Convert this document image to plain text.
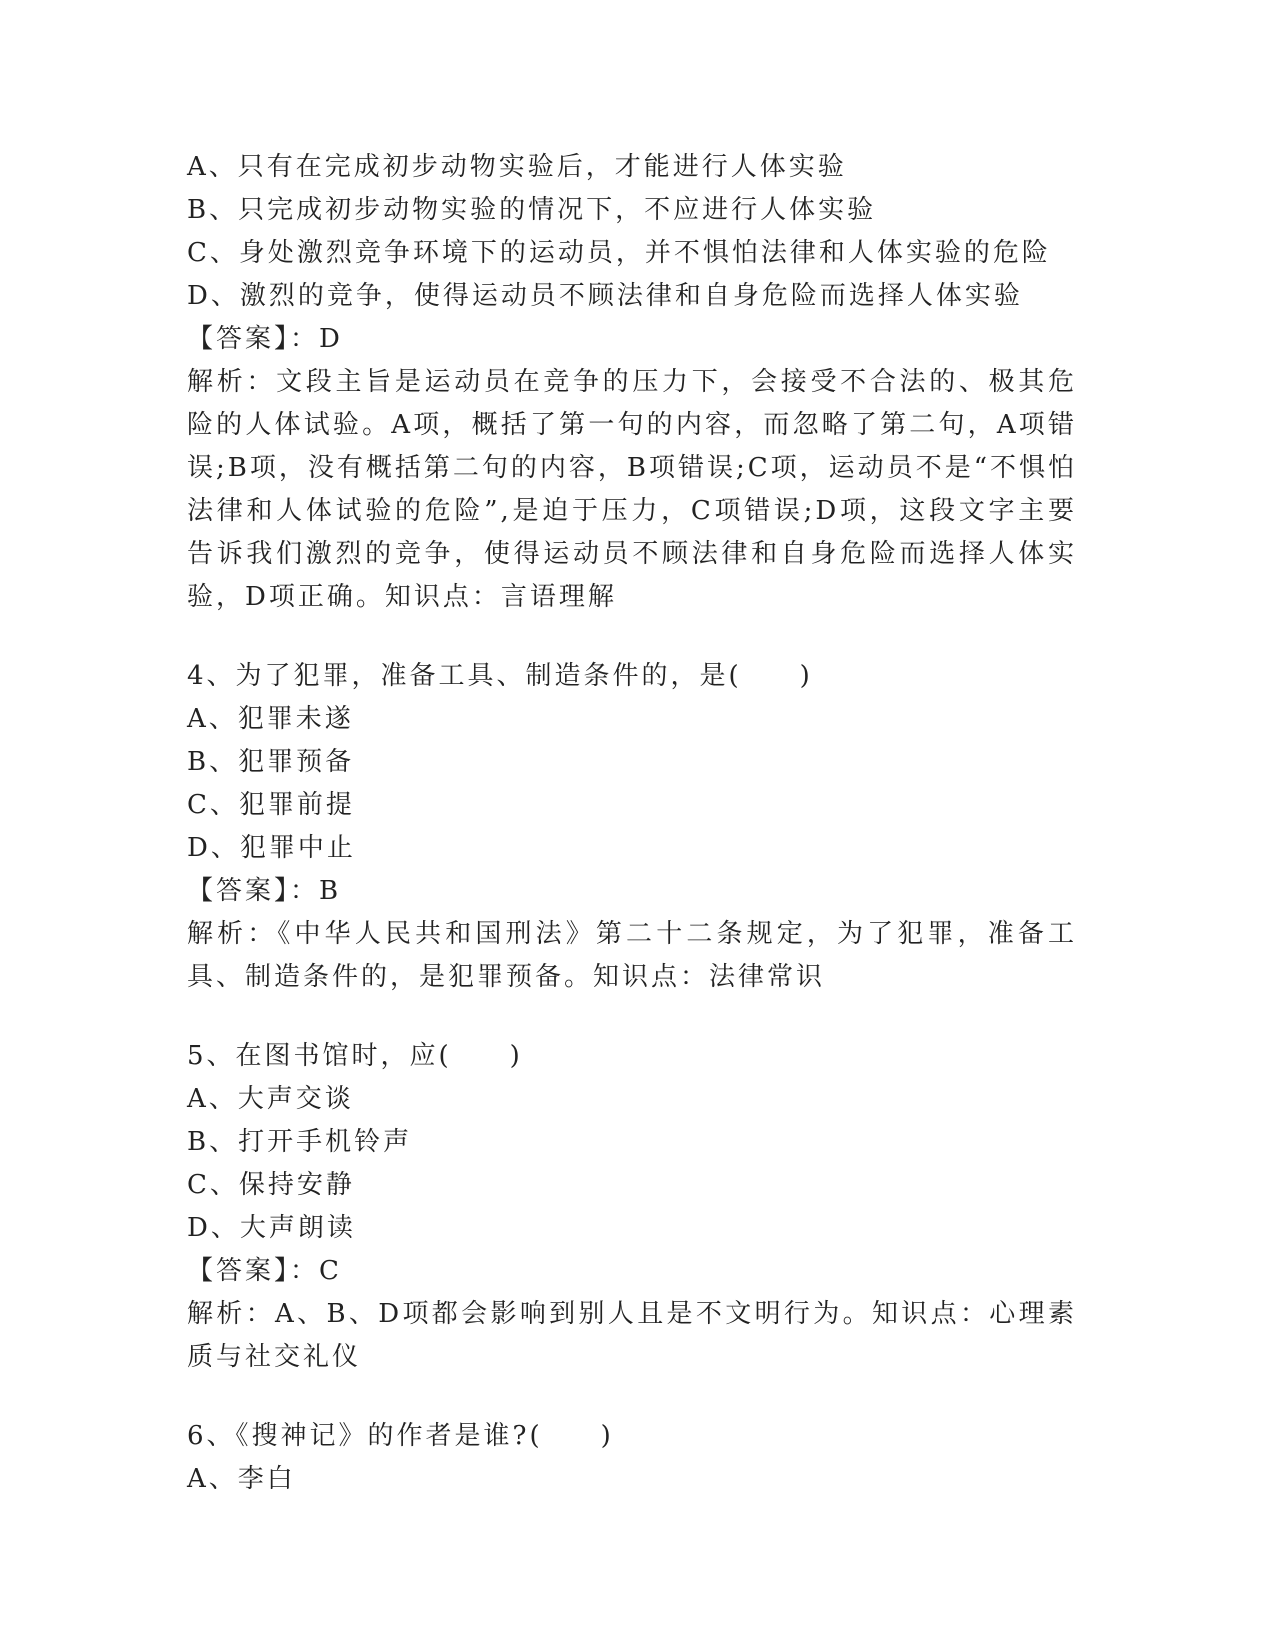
A、只有在完成初步动物实验后，才能进行人体实验
B、只完成初步动物实验的情况下，不应进行人体实验
C、身处激烈竞争环境下的运动员，并不惧怕法律和人体实验的危险
D、激烈的竞争，使得运动员不顾法律和自身危险而选择人体实验
【答案】：D
解析：文段主旨是运动员在竞争的压力下，会接受不合法的、极其危险的人体试验。A项，概括了第一句的内容，而忽略了第二句，A项错误;B项，没有概括第二句的内容，B项错误;C项，运动员不是“不惧怕法律和人体试验的危险”,是迫于压力，C项错误;D项，这段文字主要告诉我们激烈的竞争，使得运动员不顾法律和自身危险而选择人体实验，D项正确。知识点：言语理解
4、为了犯罪，准备工具、制造条件的，是(　　)
A、犯罪未遂
B、犯罪预备
C、犯罪前提
D、犯罪中止
【答案】：B
解析：《中华人民共和国刑法》第二十二条规定，为了犯罪，准备工具、制造条件的，是犯罪预备。知识点：法律常识
5、在图书馆时，应(　　)
A、大声交谈
B、打开手机铃声
C、保持安静
D、大声朗读
【答案】：C
解析：A、B、D项都会影响到别人且是不文明行为。知识点：心理素质与社交礼仪
6、《搜神记》的作者是谁?(　　)
A、李白
